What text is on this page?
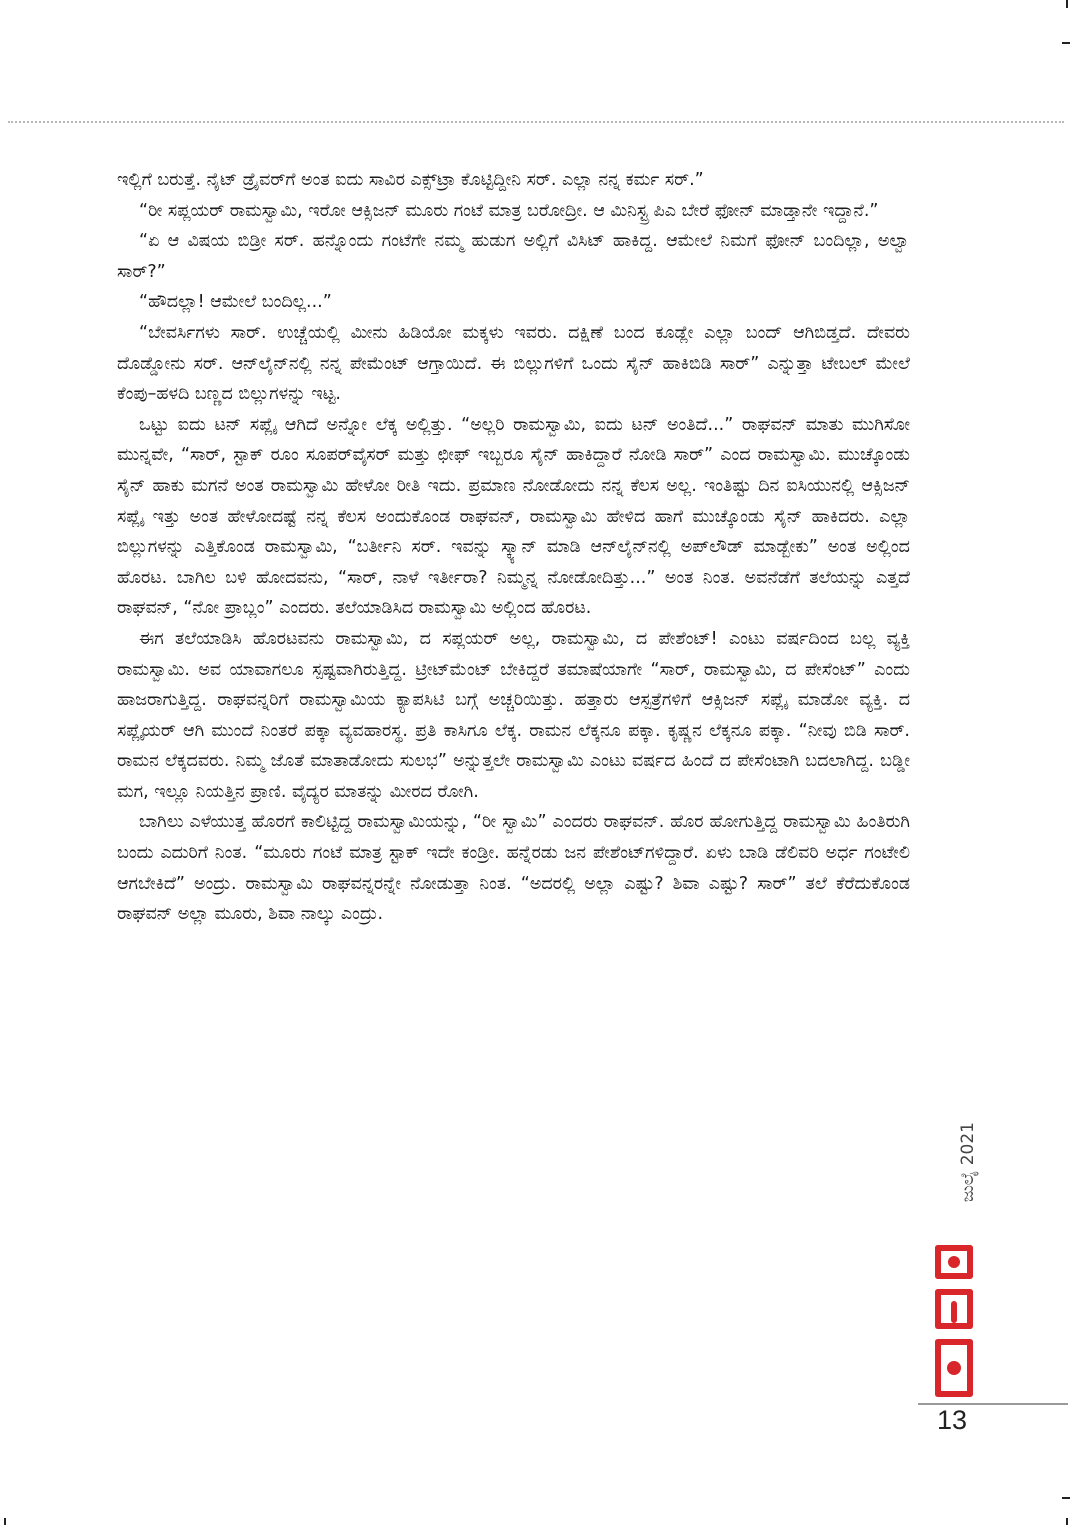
ಇಲ್ಲಿಗೆ ಬರುತ್ತೆ. ನೈಟ್ ಡ್ರೈವರ್‌ಗೆ ಅಂತ ಐದು ಸಾವಿರ ಎಕ್ಸ್‌ಟ್ರಾ ಕೊಟ್ಟಿದ್ದೀನಿ ಸರ್. ಎಲ್ಲಾ ನನ್ನ ಕರ್ಮ ಸರ್.”

“ರೀ ಸಪ್ಲಯರ್ ರಾಮಸ್ವಾಮಿ, ಇರೋ ಆಕ್ಸಿಜನ್ ಮೂರು ಗಂಟೆ ಮಾತ್ರ ಬರೋದ್ರೀ. ಆ ಮಿನಿಸ್ಟ್ರ ಪಿಎ ಬೇರೆ ಫೋನ್ ಮಾಡ್ತಾನೇ ಇದ್ದಾನೆ.”

“ಏ ಆ ವಿಷಯ ಬಿಡ್ರೀ ಸರ್. ಹನ್ನೊಂದು ಗಂಟೆಗೇ ನಮ್ಮ ಹುಡುಗ ಅಲ್ಲಿಗೆ ವಿಸಿಟ್ ಹಾಕಿದ್ದ. ಆಮೇಲೆ ನಿಮಗೆ ಫೋನ್ ಬಂದಿಲ್ಲಾ, ಅಲ್ವಾ ಸಾರ್?”

“ಹೌದಲ್ಲಾ! ಆಮೇಲೆ ಬಂದಿಲ್ಲ...”

“ಬೇವರ್ಸಿಗಳು ಸಾರ್. ಉಚ್ಚೆಯಲ್ಲಿ ಮೀನು ಹಿಡಿಯೋ ಮಕ್ಕಳು ಇವರು. ದಕ್ಷಿಣೆ ಬಂದ ಕೂಡ್ಲೇ ಎಲ್ಲಾ ಬಂದ್ ಆಗಿಬಿಡ್ತದೆ. ದೇವರು ದೊಡ್ಡೋನು ಸರ್. ಆನ್‌ಲೈನ್‌ನಲ್ಲಿ ನನ್ನ ಪೇಮೆಂಟ್ ಆಗ್ತಾಯಿದೆ. ಈ ಬಿಲ್ಲುಗಳಿಗೆ ಒಂದು ಸೈನ್ ಹಾಕಿಬಿಡಿ ಸಾರ್” ಎನ್ನುತ್ತಾ ಟೇಬಲ್ ಮೇಲೆ ಕೆಂಪು–ಹಳದಿ ಬಣ್ಣದ ಬಿಲ್ಲುಗಳನ್ನು ಇಟ್ಟ.

ಒಟ್ಟು ಐದು ಟನ್ ಸಪ್ಲೈ ಆಗಿದೆ ಅನ್ನೋ ಲೆಕ್ಕ ಅಲ್ಲಿತ್ತು. “ಅಲ್ಲರಿ ರಾಮಸ್ವಾಮಿ, ಐದು ಟನ್ ಅಂತಿದೆ...” ರಾಘವನ್ ಮಾತು ಮುಗಿಸೋ ಮುನ್ನವೇ, “ಸಾರ್, ಸ್ಟಾಕ್ ರೂಂ ಸೂಪರ್‌ವೈಸರ್ ಮತ್ತು ಛೀಫ್ ಇಬ್ಬರೂ ಸೈನ್ ಹಾಕಿದ್ದಾರೆ ನೋಡಿ ಸಾರ್” ಎಂದ ರಾಮಸ್ವಾಮಿ. ಮುಚ್ಕೊಂಡು ಸೈನ್ ಹಾಕು ಮಗನೆ ಅಂತ ರಾಮಸ್ವಾಮಿ ಹೇಳೋ ರೀತಿ ಇದು. ಪ್ರಮಾಣ ನೋಡೋದು ನನ್ನ ಕೆಲಸ ಅಲ್ಲ. ಇಂತಿಷ್ಟು ದಿನ ಐಸಿಯುನಲ್ಲಿ ಆಕ್ಸಿಜನ್ ಸಪ್ಲೈ ಇತ್ತು ಅಂತ ಹೇಳೋದಷ್ಟೆ ನನ್ನ ಕೆಲಸ ಅಂದುಕೊಂಡ ರಾಘವನ್, ರಾಮಸ್ವಾಮಿ ಹೇಳಿದ ಹಾಗೆ ಮುಚ್ಕೊಂಡು ಸೈನ್ ಹಾಕಿದರು. ಎಲ್ಲಾ ಬಿಲ್ಲುಗಳನ್ನು ಎತ್ತಿಕೊಂಡ ರಾಮಸ್ವಾಮಿ, “ಬರ್ತೀನಿ ಸರ್. ಇವನ್ನು ಸ್ಕ್ಯಾನ್ ಮಾಡಿ ಆನ್‌ಲೈನ್‌ನಲ್ಲಿ ಅಪ್‌ಲೌಡ್ ಮಾಡ್ಬೇಕು” ಅಂತ ಅಲ್ಲಿಂದ ಹೊರಟ. ಬಾಗಿಲ ಬಳಿ ಹೋದವನು, “ಸಾರ್, ನಾಳೆ ಇರ್ತೀರಾ? ನಿಮ್ಮನ್ನ ನೋಡೋದಿತ್ತು...” ಅಂತ ನಿಂತ. ಅವನೆಡೆಗೆ ತಲೆಯನ್ನು ಎತ್ತದೆ ರಾಘವನ್, “ನೋ ಪ್ರಾಬ್ಲಂ” ಎಂದರು. ತಲೆಯಾಡಿಸಿದ ರಾಮಸ್ವಾಮಿ ಅಲ್ಲಿಂದ ಹೊರಟ.

ಈಗ ತಲೆಯಾಡಿಸಿ ಹೊರಟವನು ರಾಮಸ್ವಾಮಿ, ದ ಸಪ್ಲಯರ್ ಅಲ್ಲ, ರಾಮಸ್ವಾಮಿ, ದ ಪೇಶೆಂಟ್! ಎಂಟು ವರ್ಷದಿಂದ ಬಲ್ಲ ವ್ಯಕ್ತಿ ರಾಮಸ್ವಾಮಿ. ಅವ ಯಾವಾಗಲೂ ಸ್ಪಷ್ಟವಾಗಿರುತ್ತಿದ್ದ. ಟ್ರೀಟ್‌ಮೆಂಟ್ ಬೇಕಿದ್ದರೆ ತಮಾಷೆಯಾಗೇ “ಸಾರ್, ರಾಮಸ್ವಾಮಿ, ದ ಪೇಸೆಂಟ್” ಎಂದು ಹಾಜರಾಗುತ್ತಿದ್ದ. ರಾಘವನ್ನರಿಗೆ ರಾಮಸ್ವಾಮಿಯ ಕ್ಯಾಪಸಿಟಿ ಬಗ್ಗೆ ಅಚ್ಚರಿಯಿತ್ತು. ಹತ್ತಾರು ಆಸ್ಪತ್ರೆಗಳಿಗೆ ಆಕ್ಸಿಜನ್ ಸಪ್ಲೈ ಮಾಡೋ ವ್ಯಕ್ತಿ. ದ ಸಪ್ಲೈಯರ್ ಆಗಿ ಮುಂದೆ ನಿಂತರೆ ಪಕ್ಕಾ ವ್ಯವಹಾರಸ್ಥ. ಪ್ರತಿ ಕಾಸಿಗೂ ಲೆಕ್ಕ. ರಾಮನ ಲೆಕ್ಕನೂ ಪಕ್ಕಾ. ಕೃಷ್ಣನ ಲೆಕ್ಕನೂ ಪಕ್ಕಾ. “ನೀವು ಬಿಡಿ ಸಾರ್. ರಾಮನ ಲೆಕ್ಕದವರು. ನಿಮ್ಮ ಜೊತೆ ಮಾತಾಡೋದು ಸುಲಭ” ಅನ್ನುತ್ತಲೇ ರಾಮಸ್ವಾಮಿ ಎಂಟು ವರ್ಷದ ಹಿಂದೆ ದ ಪೇಸೆಂಟಾಗಿ ಬದಲಾಗಿದ್ದ. ಬಡ್ಡೀ ಮಗ, ಇಲ್ಲೂ ನಿಯತ್ತಿನ ಪ್ರಾಣಿ. ವೈದ್ಯರ ಮಾತನ್ನು ಮೀರದ ರೋಗಿ.

ಬಾಗಿಲು ಎಳೆಯುತ್ತ ಹೊರಗೆ ಕಾಲಿಟ್ಟಿದ್ದ ರಾಮಸ್ವಾಮಿಯನ್ನು, “ರೀ ಸ್ವಾಮಿ” ಎಂದರು ರಾಘವನ್. ಹೊರ ಹೋಗುತ್ತಿದ್ದ ರಾಮಸ್ವಾಮಿ ಹಿಂತಿರುಗಿ ಬಂದು ಎದುರಿಗೆ ನಿಂತ. “ಮೂರು ಗಂಟೆ ಮಾತ್ರ ಸ್ಟಾಕ್ ಇದೇ ಕಂಡ್ರೀ. ಹನ್ನೆರಡು ಜನ ಪೇಶೆಂಟ್‌ಗಳಿದ್ದಾರೆ. ಏಳು ಬಾಡಿ ಡೆಲಿವರಿ ಅರ್ಧ ಗಂಟೇಲಿ ಆಗಬೇಕಿದೆ” ಅಂದ್ರು. ರಾಮಸ್ವಾಮಿ ರಾಘವನ್ನರನ್ನೇ ನೋಡುತ್ತಾ ನಿಂತ. “ಅದರಲ್ಲಿ ಅಲ್ಲಾ ಎಷ್ಟು? ಶಿವಾ ಎಷ್ಟು? ಸಾರ್” ತಲೆ ಕೆರೆದುಕೊಂಡ ರಾಘವನ್ ಅಲ್ಲಾ ಮೂರು, ಶಿವಾ ನಾಲ್ಕು ಎಂದ್ರು.

ಜುಲೈ 2021
13
